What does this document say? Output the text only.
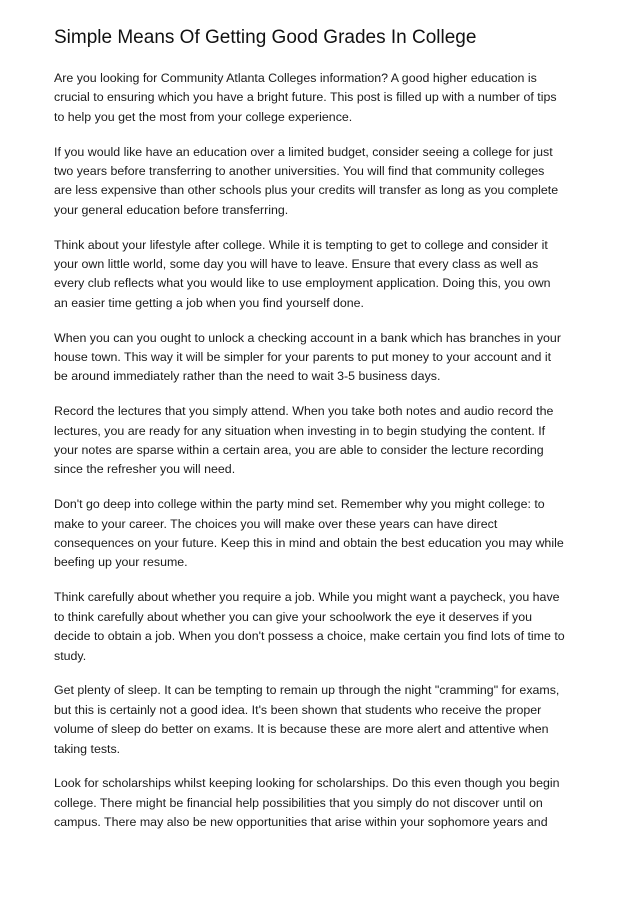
Simple Means Of Getting Good Grades In College

Are you looking for Community Atlanta Colleges information? A good higher education is
crucial to ensuring which you have a bright future. This post is filled up with a number of tips
to help you get the most from your college experience.

If you would like have an education over a limited budget, consider seeing a college for just
two years before transferring to another universities. You will find that community colleges
are less expensive than other schools plus your credits will transfer as long as you complete
your general education before transferring.

Think about your lifestyle after college. While it is tempting to get to college and consider it
your own little world, some day you will have to leave. Ensure that every class as well as
every club reflects what you would like to use employment application. Doing this, you own
an easier time getting a job when you find yourself done.

When you can you ought to unlock a checking account in a bank which has branches in your
house town. This way it will be simpler for your parents to put money to your account and it
be around immediately rather than the need to wait 3-5 business days.

Record the lectures that you simply attend. When you take both notes and audio record the
lectures, you are ready for any situation when investing in to begin studying the content. If
your notes are sparse within a certain area, you are able to consider the lecture recording
since the refresher you will need.

Don't go deep into college within the party mind set. Remember why you might college: to
make to your career. The choices you will make over these years can have direct
consequences on your future. Keep this in mind and obtain the best education you may while
beefing up your resume.

Think carefully about whether you require a job. While you might want a paycheck, you have
to think carefully about whether you can give your schoolwork the eye it deserves if you
decide to obtain a job. When you don't possess a choice, make certain you find lots of time to
study.

Get plenty of sleep. It can be tempting to remain up through the night "cramming" for exams,
but this is certainly not a good idea. It's been shown that students who receive the proper
volume of sleep do better on exams. It is because these are more alert and attentive when
taking tests.

Look for scholarships whilst keeping looking for scholarships. Do this even though you begin
college. There might be financial help possibilities that you simply do not discover until on
campus. There may also be new opportunities that arise within your sophomore years and
